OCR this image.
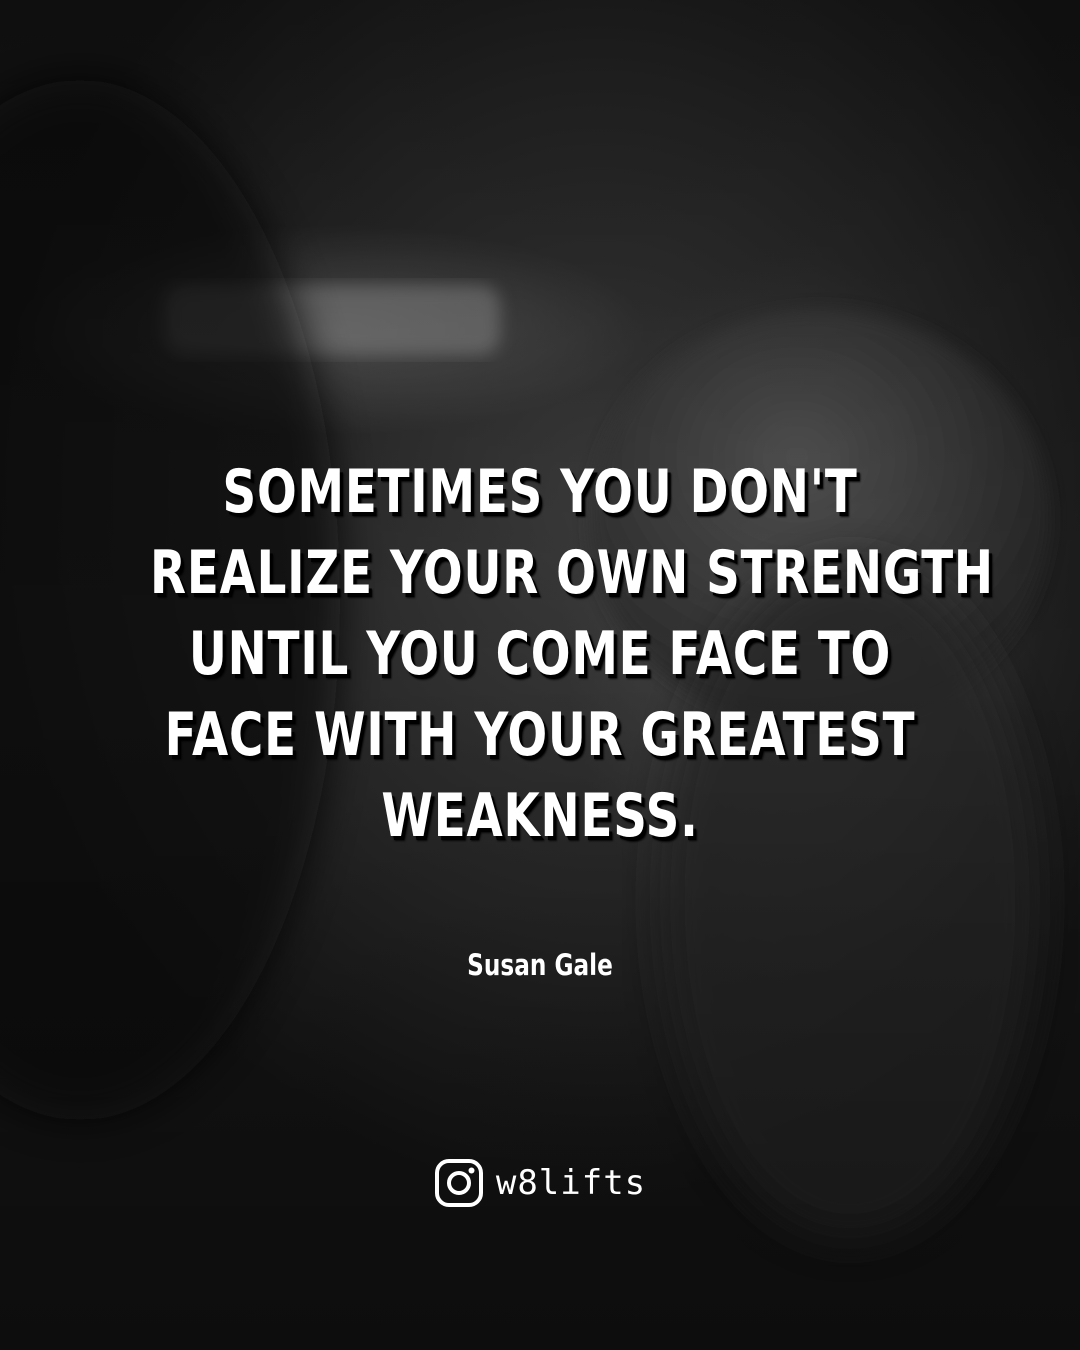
SOMETIMES YOU DON'T
REALIZE YOUR OWN STRENGTH
UNTIL YOU COME FACE TO
FACE WITH YOUR GREATEST
WEAKNESS.
Susan Gale
w8lifts
